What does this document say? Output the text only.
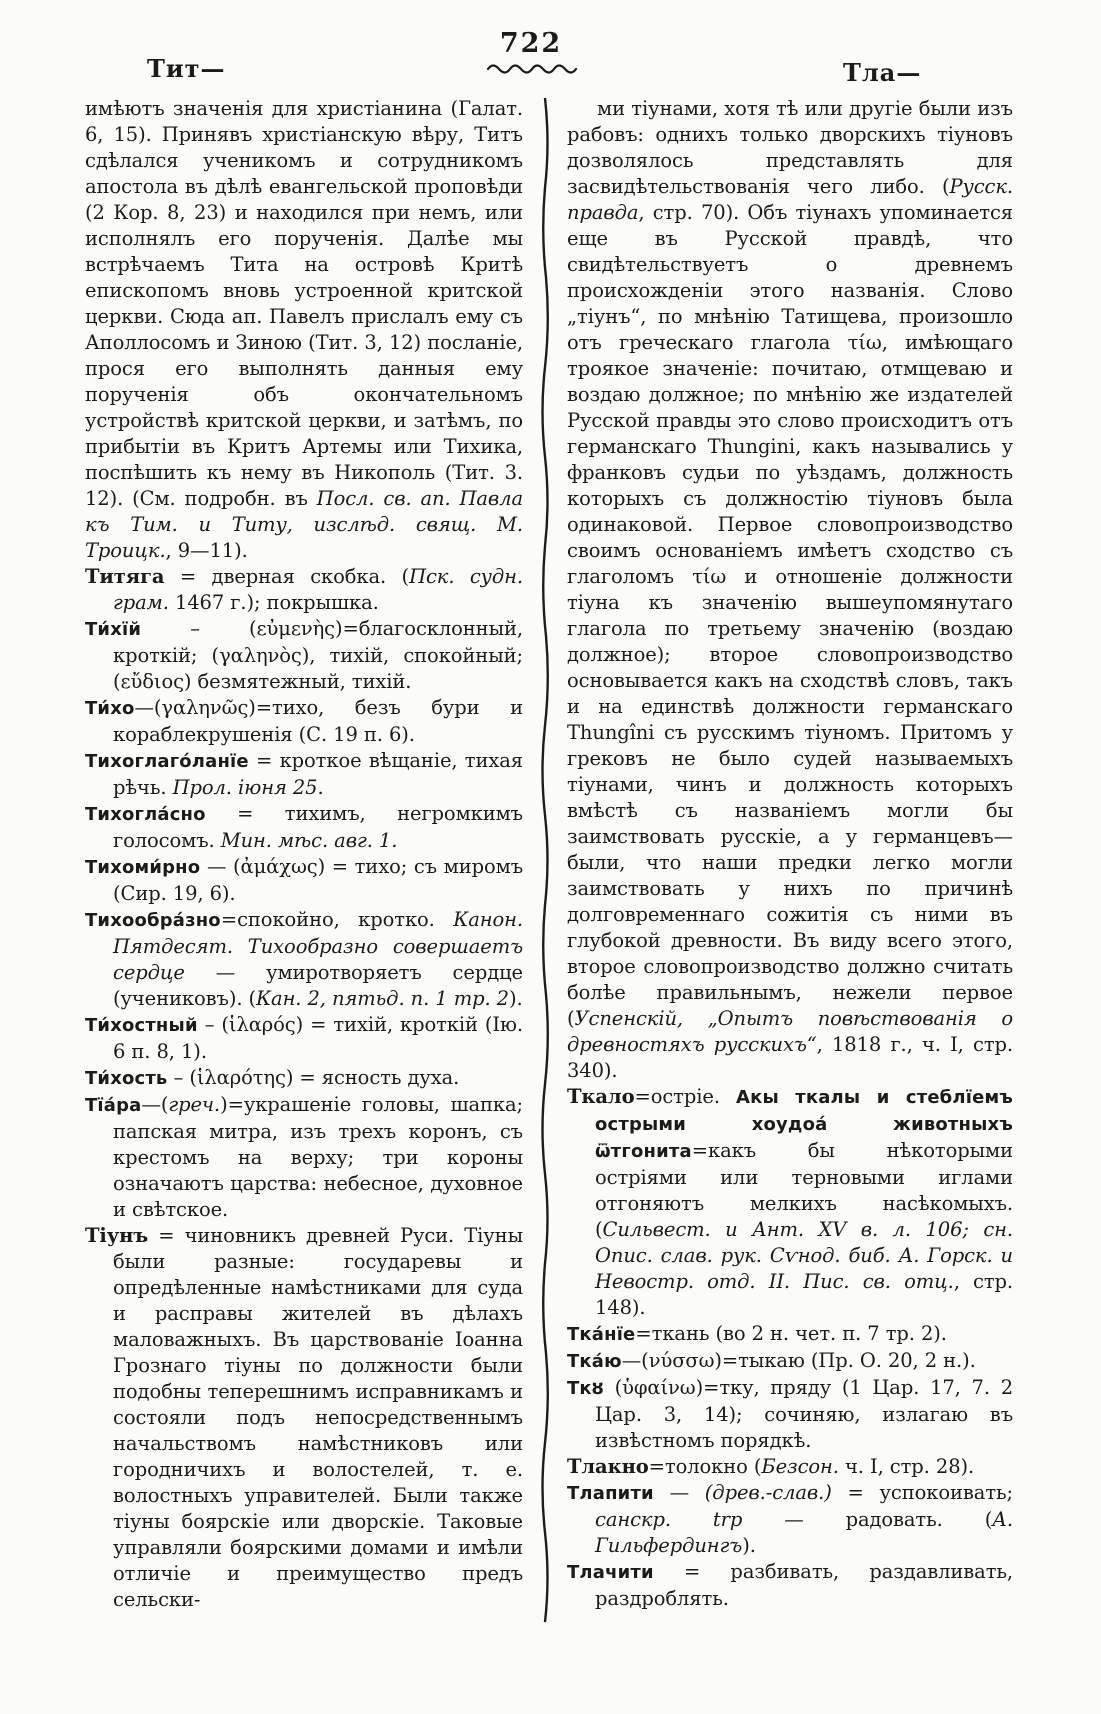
722
Тит—	Тла—

имѣютъ значенія для христіанина (Галат. 6, 15). Принявъ христіанскую вѣру, Титъ сдѣлался ученикомъ и сотрудникомъ апостола въ дѣлѣ евангельской проповѣди (2 Кор. 8, 23) и находился при немъ, или исполнялъ его порученія. Далѣе мы встрѣчаемъ Тита на островѣ Критѣ епископомъ вновь устроенной критской церкви. Сюда ап. Павелъ прислалъ ему съ Аполлосомъ и Зиною (Тит. 3, 12) посланіе, прося его выполнять данныя ему порученія объ окончательномъ устройствѣ критской церкви, и затѣмъ, по прибытіи въ Критъ Артемы или Тихика, поспѣшить къ нему въ Никополь (Тит. 3. 12). (См. подробн. въ Посл. св. ап. Павла къ Тим. и Титу, изслѣд. свящ. М. Троицк., 9—11).

Титяга = дверная скобка. (Пск. судн. грам. 1467 г.); покрышка.

Ти́хїй – (εὐμενὴς)=благосклонный, кроткій; (γαληνὸς), тихій, спокойный; (εὔδιος) безмятежный, тихій.

Ти́хо—(γαληνῶς)=тихо, безъ бури и кораблекрушенія (С. 19 п. 6).

Тихоглаго́ланїе = кроткое вѣщаніе, тихая рѣчь. Прол. іюня 25.

Тихогла́сно = тихимъ, негромкимъ голосомъ. Мин. мѣс. авг. 1.

Тихоми́рно — (ἀμάχως) = тихо; съ миромъ (Сир. 19, 6).

Тихообра́зно=спокойно, кротко. Канон. Пятдесят. Тихообразно совершаетъ сердце — умиротворяетъ сердце (учениковъ). (Кан. 2, пятьд. п. 1 тр. 2).

Ти́хостный – (ἱλαρός) = тихій, кроткій (Ію. 6 п. 8, 1).

Ти́хость – (ἱλαρότης) = ясность духа.

Тїа́ра—(греч.)=украшеніе головы, шапка; папская митра, изъ трехъ коронъ, съ крестомъ на верху; три короны означаютъ царства: небесное, духовное и свѣтское.

Тіунъ = чиновникъ древней Руси. Тіуны были разные: государевы и опредѣленные намѣстниками для суда и расправы жителей въ дѣлахъ маловажныхъ. Въ царствованіе Іоанна Грознаго тіуны по должности были подобны теперешнимъ исправникамъ и состояли подъ непосредственнымъ начальствомъ намѣстниковъ или городничихъ и волостелей, т. е. волостныхъ управителей. Были также тіуны боярскіе или дворскіе. Таковые управляли боярскими домами и имѣли отличіе и преимущество предъ сельски-

ми тіунами, хотя тѣ или другіе были изъ рабовъ: однихъ только дворскихъ тіуновъ дозволялось представлять для засвидѣтельствованія чего либо. (Русск. правда, стр. 70). Объ тіунахъ упоминается еще въ Русской правдѣ, что свидѣтельствуетъ о древнемъ происхожденіи этого названія. Слово „тіунъ“, по мнѣнію Татищева, произошло отъ греческаго глагола τίω, имѣющаго троякое значеніе: почитаю, отмщеваю и воздаю должное; по мнѣнію же издателей Русской правды это слово происходитъ отъ германскаго Thungini, какъ назывались у франковъ судьи по уѣздамъ, должность которыхъ съ должностію тіуновъ была одинаковой. Первое словопроизводство своимъ основаніемъ имѣетъ сходство съ глаголомъ τίω и отношеніе должности тіуна къ значенію вышеупомянутаго глагола по третьему значенію (воздаю должное); второе словопроизводство основывается какъ на сходствѣ словъ, такъ и на единствѣ должности германскаго Thungîni съ русскимъ тіуномъ. Притомъ у грековъ не было судей называемыхъ тіунами, чинъ и должность которыхъ вмѣстѣ съ названіемъ могли бы заимствовать русскіе, а у германцевъ—были, что наши предки легко могли заимствовать у нихъ по причинѣ долговременнаго сожитія съ ними въ глубокой древности. Въ виду всего этого, второе словопроизводство должно считать болѣе правильнымъ, нежели первое (Успенскій, „Опытъ повѣствованія о древностяхъ русскихъ“, 1818 г., ч. I, стр. 340).

Ткало=остріе. Акы ткалы и стеблїемъ острыми хоудоа́ животныхъ ѿтгонита=какъ бы нѣкоторыми остріями или терновыми иглами отгоняютъ мелкихъ насѣкомыхъ. (Сильвест. и Ант. XV в. л. 106; сн. Опис. слав. рук. Сѵнод. биб. А. Горск. и Невостр. отд. II. Пис. св. отц., стр. 148).

Тка́нїе=ткань (во 2 н. чет. п. 7 тр. 2).

Тка́ю—(νύσσω)=тыкаю (Пр. О. 20, 2 н.).

Ткȣ (ὑφαίνω)=тку, пряду (1 Цар. 17, 7. 2 Цар. 3, 14); сочиняю, излагаю въ извѣстномъ порядкѣ.

Тлакно=толокно (Безсон. ч. I, стр. 28).

Тлапити — (древ.-слав.) = успокоивать; санскр. trp — радовать. (А. Гильфердингъ).

Тлачити = разбивать, раздавливать, раздроблять.
